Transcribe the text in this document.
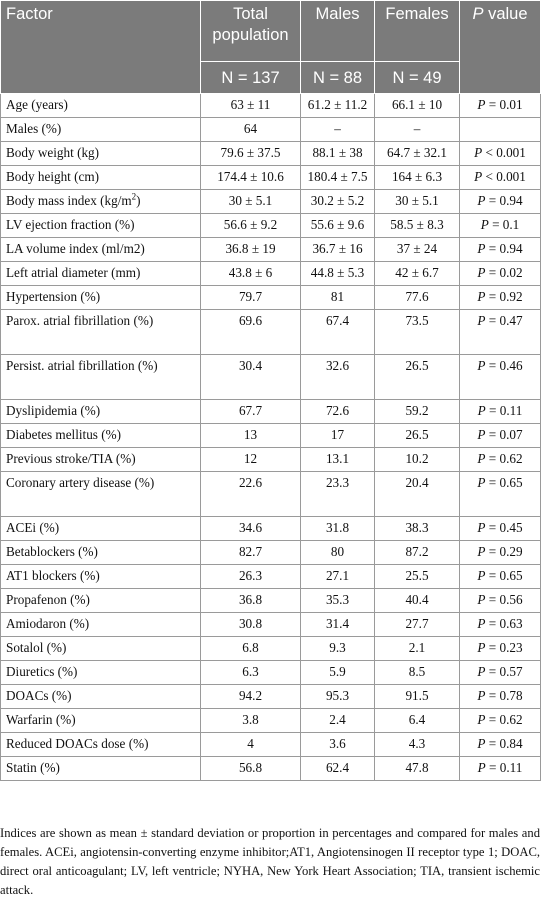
Factor	Total population	Males	Females	P value
	N = 137	N = 88	N = 49	
Age (years)	63 ± 11	61.2 ± 11.2	66.1 ± 10	P = 0.01
Males (%)	64	–	–	
Body weight (kg)	79.6 ± 37.5	88.1 ± 38	64.7 ± 32.1	P < 0.001
Body height (cm)	174.4 ± 10.6	180.4 ± 7.5	164 ± 6.3	P < 0.001
Body mass index $(kg/m^2)$	30 ± 5.1	30.2 ± 5.2	30 ± 5.1	P = 0.94
LV ejection fraction (%)	56.6 ± 9.2	55.6 ± 9.6	58.5 ± 8.3	P = 0.1
LA volume index (ml/m2)	36.8 ± 19	36.7 ± 16	37 ± 24	P = 0.94
Left atrial diameter (mm)	43.8 ± 6	44.8 ± 5.3	42 ± 6.7	P = 0.02
Hypertension (%)	79.7	81	77.6	P = 0.92
Parox. atrial fibrillation (%)	69.6	67.4	73.5	P = 0.47
Persist. atrial fibrillation (%)	30.4	32.6	26.5	P = 0.46
Dyslipidemia (%)	67.7	72.6	59.2	P = 0.11
Diabetes mellitus (%)	13	17	26.5	P = 0.07
Previous stroke/TIA (%)	12	13.1	10.2	P = 0.62
Coronary artery disease (%)	22.6	23.3	20.4	P = 0.65
ACEi (%)	34.6	31.8	38.3	P = 0.45
Betablockers (%)	82.7	80	87.2	P = 0.29
AT1 blockers (%)	26.3	27.1	25.5	P = 0.65
Propafenon (%)	36.8	35.3	40.4	P = 0.56
Amiodaron (%)	30.8	31.4	27.7	P = 0.63
Sotalol (%)	6.8	9.3	2.1	P = 0.23
Diuretics (%)	6.3	5.9	8.5	P = 0.57
DOACs (%)	94.2	95.3	91.5	P = 0.78
Warfarin (%)	3.8	2.4	6.4	P = 0.62
Reduced DOACs dose (%)	4	3.6	4.3	P = 0.84
Statin (%)	56.8	62.4	47.8	P = 0.11

Indices are shown as mean ± standard deviation or proportion in percentages and compared for males and females. ACEi, angiotensin-converting enzyme inhibitor;AT1, Angiotensinogen II receptor type 1; DOAC, direct oral anticoagulant; LV, left ventricle; NYHA, New York Heart Association; TIA, transient ischemic attack.
